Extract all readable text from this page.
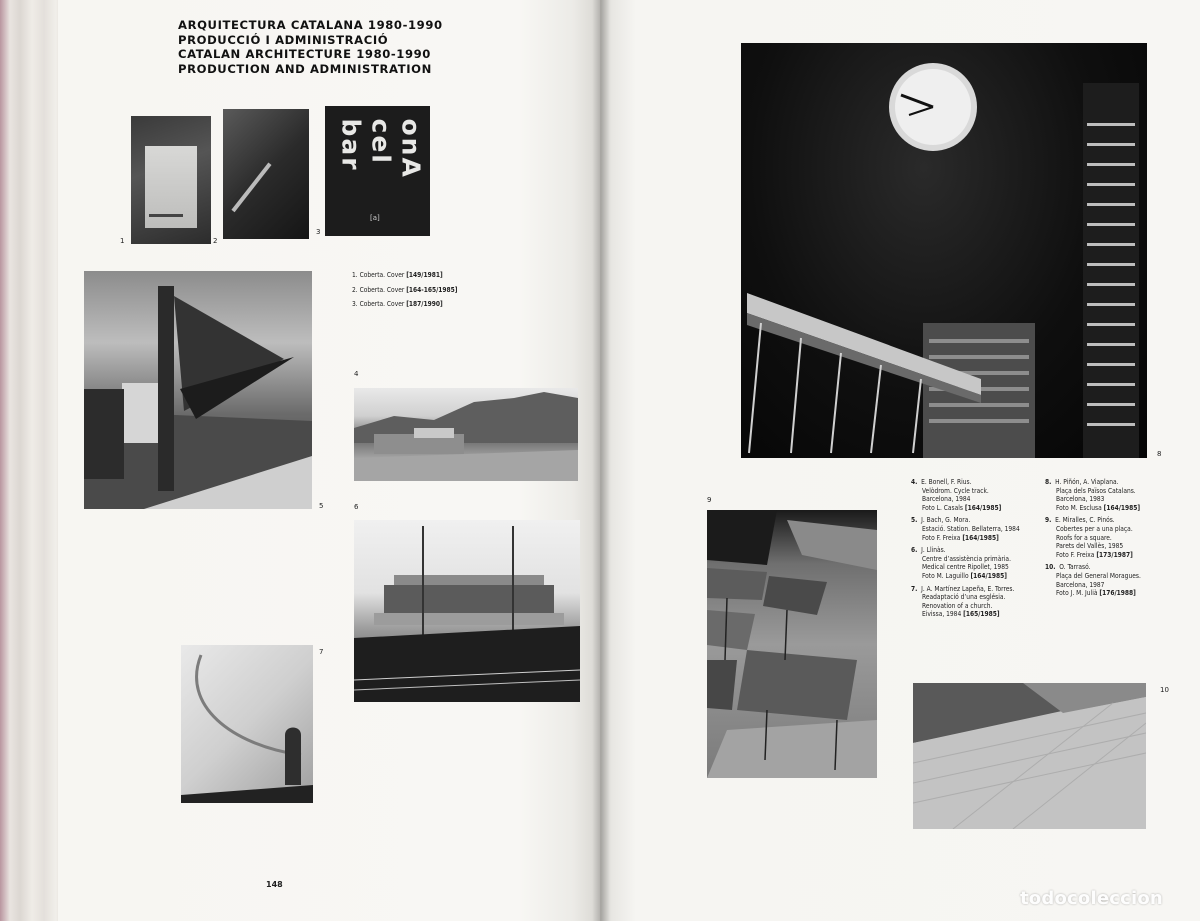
ARQUITECTURA CATALANA 1980-1990
PRODUCCIÓ I ADMINISTRACIÓ
CATALAN ARCHITECTURE 1980-1990
PRODUCTION AND ADMINISTRATION
1	2
bar cel onA
[a]
3
1. Coberta. Cover [149/1981]
2. Coberta. Cover [164-165/1985]
3. Coberta. Cover [187/1990]
5
4
6
7
148
8
4. E. Bonell, F. Rius.
Velòdrom. Cycle track.
Barcelona, 1984
Foto L. Casals [164/1985]
5. J. Bach, G. Mora.
Estació. Station. Bellaterra, 1984
Foto F. Freixa [164/1985]
6. J. Llinàs.
Centre d’assistència primària.
Medical centre Ripollet, 1985
Foto M. Laguillo [164/1985]
7. J. A. Martínez Lapeña, E. Torres.
Readaptació d’una església.
Renovation of a church.
Eivissa, 1984 [165/1985]
8. H. Piñón, A. Viaplana.
Plaça dels Països Catalans.
Barcelona, 1983
Foto M. Esclusa [164/1985]
9. E. Miralles, C. Pinós.
Cobertes per a una plaça.
Roofs for a square.
Parets del Vallès, 1985
Foto F. Freixa [173/1987]
10. O. Tarrasó.
Plaça del General Moragues.
Barcelona, 1987
Foto J. M. Julià [176/1988]
9
10
todocoleccion
